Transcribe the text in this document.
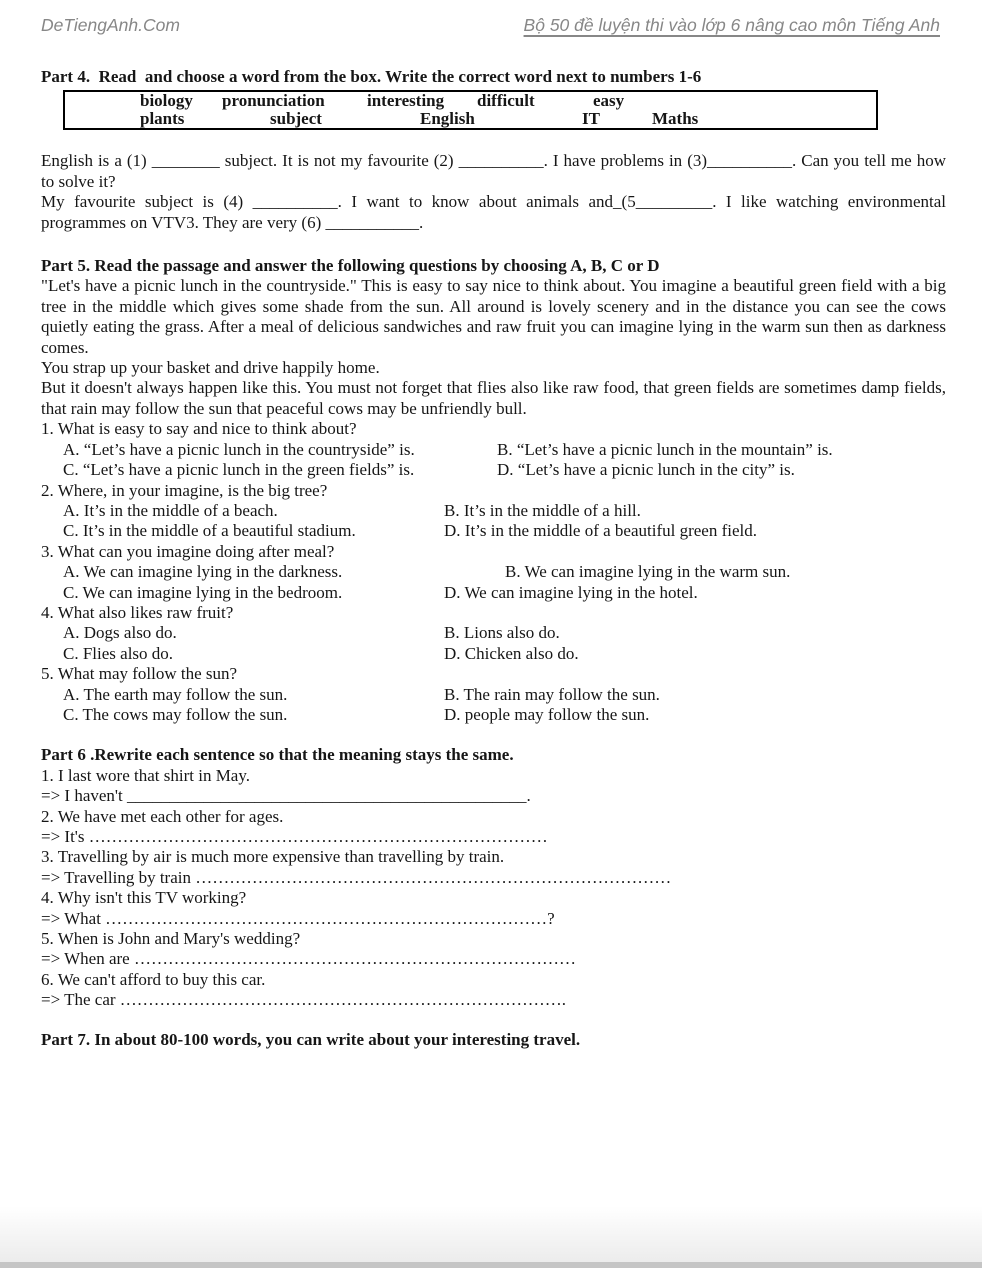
DeTiengAnh.Com	Bộ 50 đề luyện thi vào lớp 6 nâng cao môn Tiếng Anh
Part 4.  Read  and choose a word from the box. Write the correct word next to numbers 1-6
biology pronunciation interesting difficult	easy
plants	subject	English	IT	Maths

English is a (1) ________ subject. It is not my favourite (2) __________. I have problems in (3)__________. Can you tell me how to solve it?

My favourite subject is (4) __________. I want to know about animals and_(5_________. I like watching environmental programmes on VTV3. They are very (6) ___________.

Part 5. Read the passage and answer the following questions by choosing A, B, C or D

"Let's have a picnic lunch in the countryside." This is easy to say nice to think about. You imagine a beautiful green field with a big tree in the middle which gives some shade from the sun. All around is lovely scenery and in the distance you can see the cows quietly eating the grass. After a meal of delicious sandwiches and raw fruit you can imagine lying in the warm sun then as darkness comes.

You strap up your basket and drive happily home.

But it doesn't always happen like this. You must not forget that flies also like raw food, that green fields are sometimes damp fields, that rain may follow the sun that peaceful cows may be unfriendly bull.

1. What is easy to say and nice to think about?
A. “Let’s have a picnic lunch in the countryside” is.	B. “Let’s have a picnic lunch in the mountain” is.
C. “Let’s have a picnic lunch in the green fields” is.	D. “Let’s have a picnic lunch in the city” is.
2. Where, in your imagine, is the big tree?
A. It’s in the middle of a beach.	B. It’s in the middle of a hill.
C. It’s in the middle of a beautiful stadium.	D. It’s in the middle of a beautiful green field.
3. What can you imagine doing after meal?
A. We can imagine lying in the darkness.	B. We can imagine lying in the warm sun.
C. We can imagine lying in the bedroom.	D. We can imagine lying in the hotel.
4. What also likes raw fruit?
A. Dogs also do.	B. Lions also do.
C. Flies also do.	D. Chicken also do.
5. What may follow the sun?
A. The earth may follow the sun.	B. The rain may follow the sun.
C. The cows may follow the sun.	D. people may follow the sun.
Part 6 .Rewrite each sentence so that the meaning stays the same.
1. I last wore that shirt in May.
=> I haven't _______________________________________________.
2. We have met each other for ages.
=> It's ………………………………………………………………………
3. Travelling by air is much more expensive than travelling by train.
=> Travelling by train …………………………………………………………………………
4. Why isn't this TV working?
=> What ……………………………………………………………………?
5. When is John and Mary's wedding?
=> When are ……………………………………………………………………
6. We can't afford to buy this car.
=> The car …………………………………………………………………….
Part 7. In about 80-100 words, you can write about your interesting travel.
